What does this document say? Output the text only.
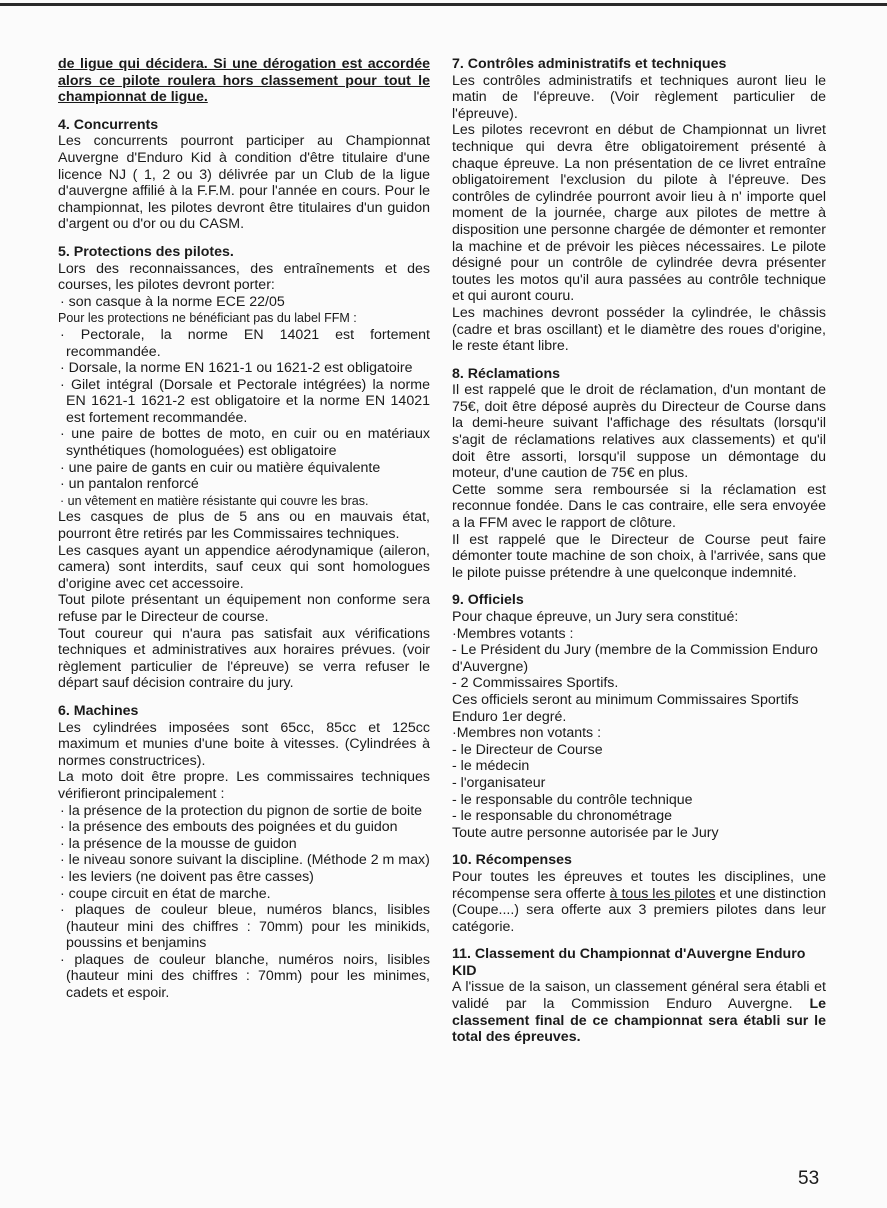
de ligue qui décidera. Si une dérogation est accordée alors ce pilote roulera hors classement pour tout le championnat de ligue.

4. Concurrents

Les concurrents pourront participer au Championnat Auvergne d'Enduro Kid à condition d'être titulaire d'une licence NJ ( 1, 2 ou 3) délivrée par un Club de la ligue d'auvergne affilié à la F.F.M. pour l'année en cours. Pour le championnat, les pilotes devront être titulaires d'un guidon d'argent ou d'or ou du CASM.

5. Protections des pilotes.

Lors des reconnaissances, des entraînements et des courses, les pilotes devront porter:

· son casque à la norme ECE 22/05

Pour les protections ne bénéficiant pas du label FFM :

· Pectorale, la norme EN 14021 est fortement recommandée.

· Dorsale, la norme EN 1621-1 ou 1621-2 est obligatoire

· Gilet intégral (Dorsale et Pectorale intégrées) la norme EN 1621-1 1621-2 est obligatoire et la norme EN 14021 est fortement recommandée.

· une paire de bottes de moto, en cuir ou en matériaux synthétiques (homologuées) est obligatoire

· une paire de gants en cuir ou matière équivalente

· un pantalon renforcé

· un vêtement en matière résistante qui couvre les bras.

Les casques de plus de 5 ans ou en mauvais état, pourront être retirés par les Commissaires techniques.

Les casques ayant un appendice aérodynamique (aileron, camera) sont interdits, sauf ceux qui sont homologues d'origine avec cet accessoire.

Tout pilote présentant un équipement non conforme sera refuse par le Directeur de course.

Tout coureur qui n'aura pas satisfait aux vérifications techniques et administratives aux horaires prévues. (voir règlement particulier de l'épreuve) se verra refuser le départ sauf décision contraire du jury.

6. Machines

Les cylindrées imposées sont 65cc, 85cc et 125cc maximum et munies d'une boite à vitesses. (Cylindrées à normes constructrices).

La moto doit être propre. Les commissaires techniques vérifieront principalement :

· la présence de la protection du pignon de sortie de boite

· la présence des embouts des poignées et du guidon

· la présence de la mousse de guidon

· le niveau sonore suivant la discipline. (Méthode 2 m max)

· les leviers (ne doivent pas être casses)

· coupe circuit en état de marche.

· plaques de couleur bleue, numéros blancs, lisibles (hauteur mini des chiffres : 70mm) pour les minikids, poussins et benjamins

· plaques de couleur blanche, numéros noirs, lisibles (hauteur mini des chiffres : 70mm) pour les minimes, cadets et espoir.

7. Contrôles administratifs et techniques

Les contrôles administratifs et techniques auront lieu le matin de l'épreuve. (Voir règlement particulier de l'épreuve).

Les pilotes recevront en début de Championnat un livret technique qui devra être obligatoirement présenté à chaque épreuve. La non présentation de ce livret entraîne obligatoirement l'exclusion du pilote à l'épreuve. Des contrôles de cylindrée pourront avoir lieu à n' importe quel moment de la journée, charge aux pilotes de mettre à disposition une personne chargée de démonter et remonter la machine et de prévoir les pièces nécessaires. Le pilote désigné pour un contrôle de cylindrée devra présenter toutes les motos qu'il aura passées au contrôle technique et qui auront couru.

Les machines devront posséder la cylindrée, le châssis (cadre et bras oscillant) et le diamètre des roues d'origine, le reste étant libre.

8. Réclamations

Il est rappelé que le droit de réclamation, d'un montant de 75€, doit être déposé auprès du Directeur de Course dans la demi-heure suivant l'affichage des résultats (lorsqu'il s'agit de réclamations relatives aux classements) et qu'il doit être assorti, lorsqu'il suppose un démontage du moteur, d'une caution de 75€ en plus.

Cette somme sera remboursée si la réclamation est reconnue fondée. Dans le cas contraire, elle sera envoyée a la FFM avec le rapport de clôture.

Il est rappelé que le Directeur de Course peut faire démonter toute machine de son choix, à l'arrivée, sans que le pilote puisse prétendre à une quelconque indemnité.

9. Officiels

Pour chaque épreuve, un Jury sera constitué:

·Membres votants :

- Le Président du Jury (membre de la Commission Enduro d'Auvergne)

- 2 Commissaires Sportifs.

Ces officiels seront au minimum Commissaires Sportifs Enduro 1er degré.

·Membres non votants :

- le Directeur de Course

- le médecin

- l'organisateur

- le responsable du contrôle technique

- le responsable du chronométrage

Toute autre personne autorisée par le Jury

10. Récompenses

Pour toutes les épreuves et toutes les disciplines, une récompense sera offerte à tous les pilotes et une distinction (Coupe....) sera offerte aux 3 premiers pilotes dans leur catégorie.

11. Classement du Championnat d'Auvergne Enduro KID

A l'issue de la saison, un classement général sera établi et validé par la Commission Enduro Auvergne. Le classement final de ce championnat sera établi sur le total des épreuves.

53
